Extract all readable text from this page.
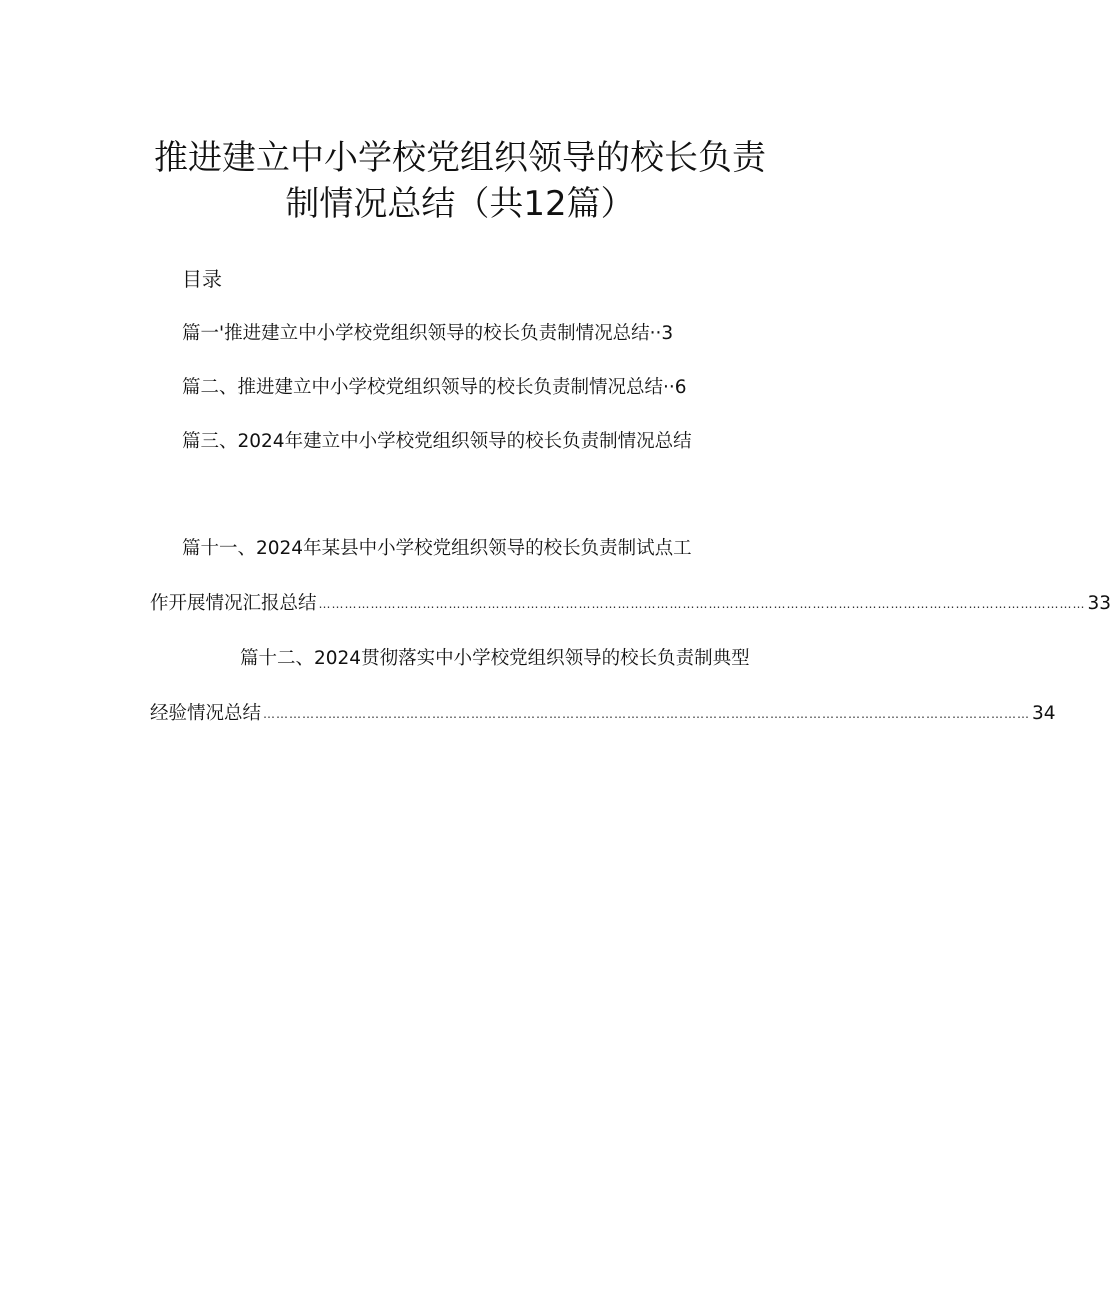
推进建立中小学校党组织领导的校长负责
制情况总结（共12篇）
目录
篇一'推进建立中小学校党组织领导的校长负责制情况总结··3
篇二、推进建立中小学校党组织领导的校长负责制情况总结··6
篇三、2024年建立中小学校党组织领导的校长负责制情况总结
篇十一、2024年某县中小学校党组织领导的校长负责制试点工
作开展情况汇报总结 …………………………………………………………………………………………………………………………………………………………… 33
篇十二、2024贯彻落实中小学校党组织领导的校长负责制典型
经验情况总结 …………………………………………………………………………………………………………………………………………………………… 34
